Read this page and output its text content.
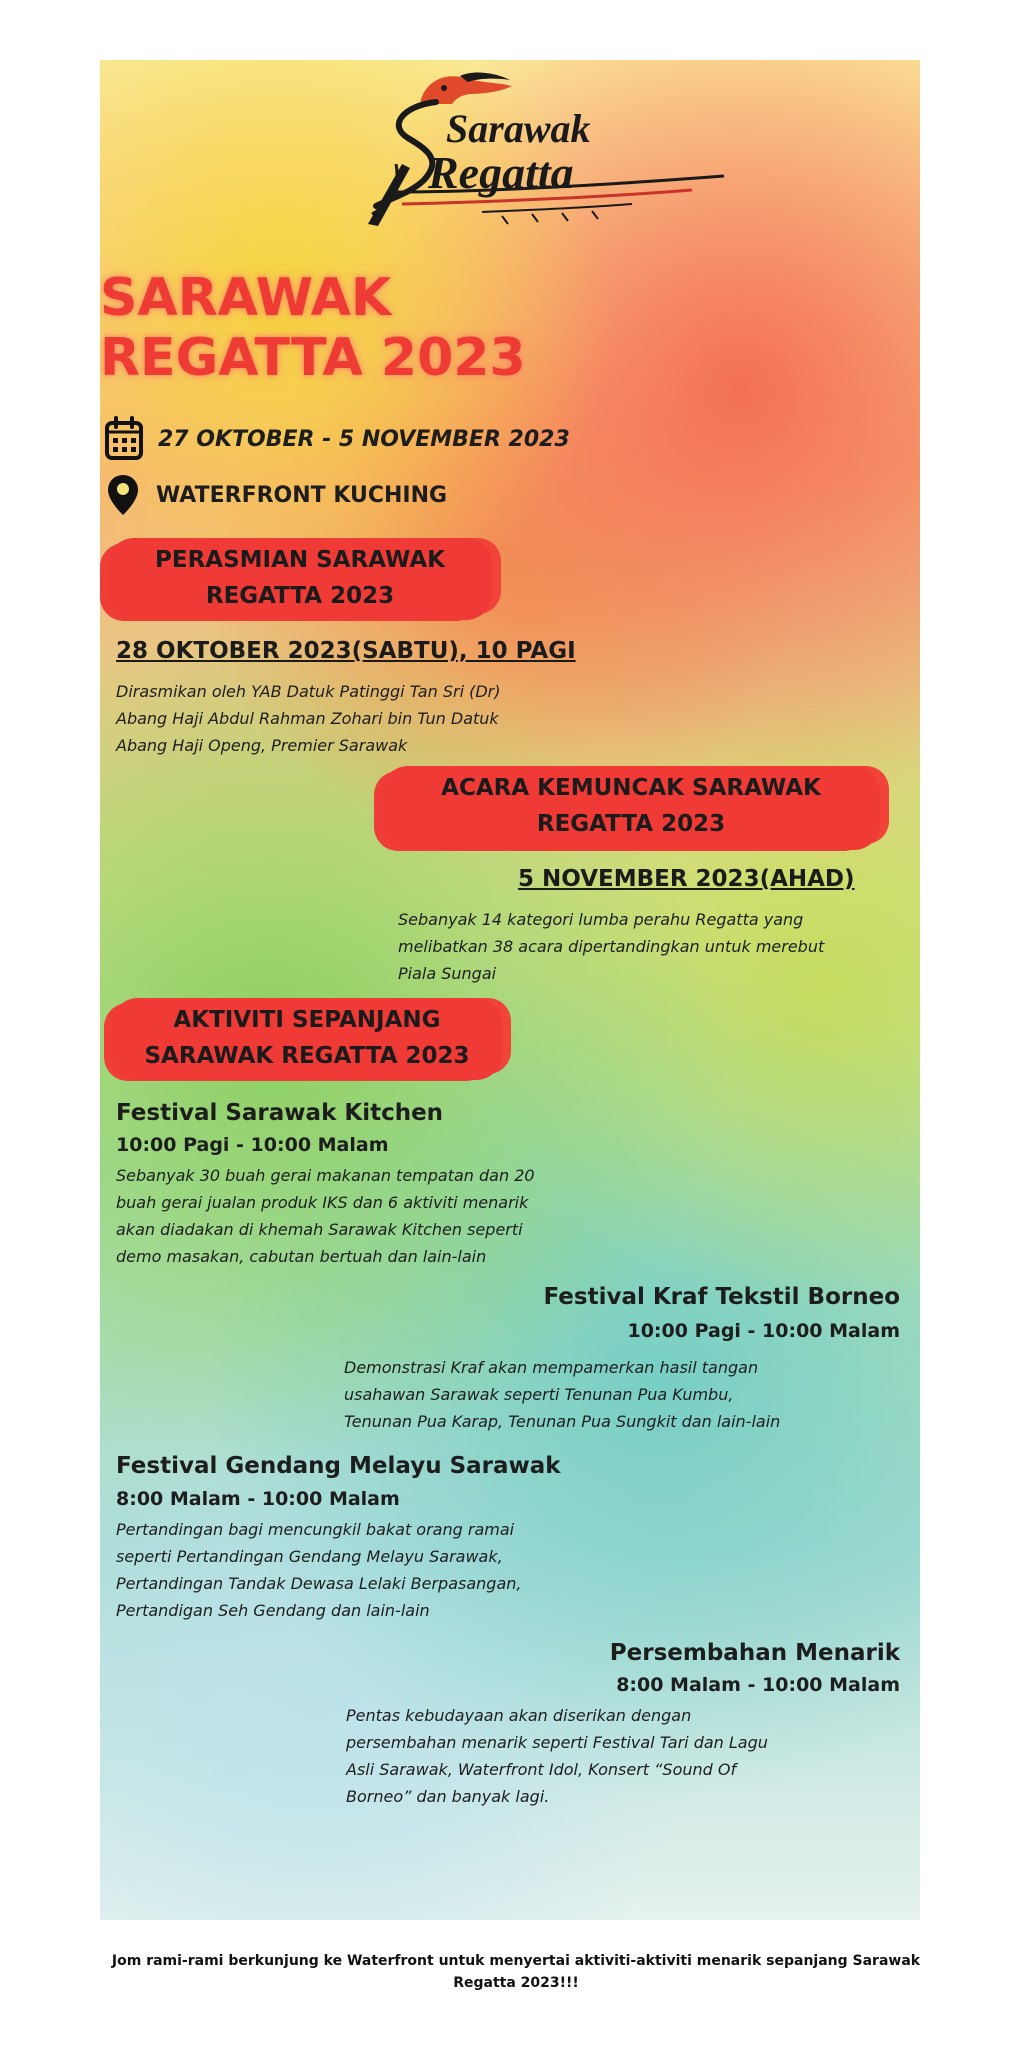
Sarawak
Regatta
SARAWAK
REGATTA 2023
27 OKTOBER - 5 NOVEMBER 2023
WATERFRONT KUCHING
PERASMIAN SARAWAK
REGATTA 2023
28 OKTOBER 2023(SABTU), 10 PAGI
Dirasmikan oleh YAB Datuk Patinggi Tan Sri (Dr)
Abang Haji Abdul Rahman Zohari bin Tun Datuk
Abang Haji Openg, Premier Sarawak
ACARA KEMUNCAK SARAWAK
REGATTA 2023
5 NOVEMBER 2023(AHAD)
Sebanyak 14 kategori lumba perahu Regatta yang
melibatkan 38 acara dipertandingkan untuk merebut
Piala Sungai
AKTIVITI SEPANJANG
SARAWAK REGATTA 2023
Festival Sarawak Kitchen
10:00 Pagi - 10:00 Malam
Sebanyak 30 buah gerai makanan tempatan dan 20
buah gerai jualan produk IKS dan 6 aktiviti menarik
akan diadakan di khemah Sarawak Kitchen seperti
demo masakan, cabutan bertuah dan lain-lain
Festival Kraf Tekstil Borneo
10:00 Pagi - 10:00 Malam
Demonstrasi Kraf akan mempamerkan hasil tangan
usahawan Sarawak seperti Tenunan Pua Kumbu,
Tenunan Pua Karap, Tenunan Pua Sungkit dan lain-lain
Festival Gendang Melayu Sarawak
8:00 Malam - 10:00 Malam
Pertandingan bagi mencungkil bakat orang ramai
seperti Pertandingan Gendang Melayu Sarawak,
Pertandingan Tandak Dewasa Lelaki Berpasangan,
Pertandigan Seh Gendang dan lain-lain
Persembahan Menarik
8:00 Malam - 10:00 Malam
Pentas kebudayaan akan diserikan dengan
persembahan menarik seperti Festival Tari dan Lagu
Asli Sarawak, Waterfront Idol, Konsert “Sound Of
Borneo” dan banyak lagi.
Jom rami-rami berkunjung ke Waterfront untuk menyertai aktiviti-aktiviti menarik sepanjang Sarawak
Regatta 2023!!!
